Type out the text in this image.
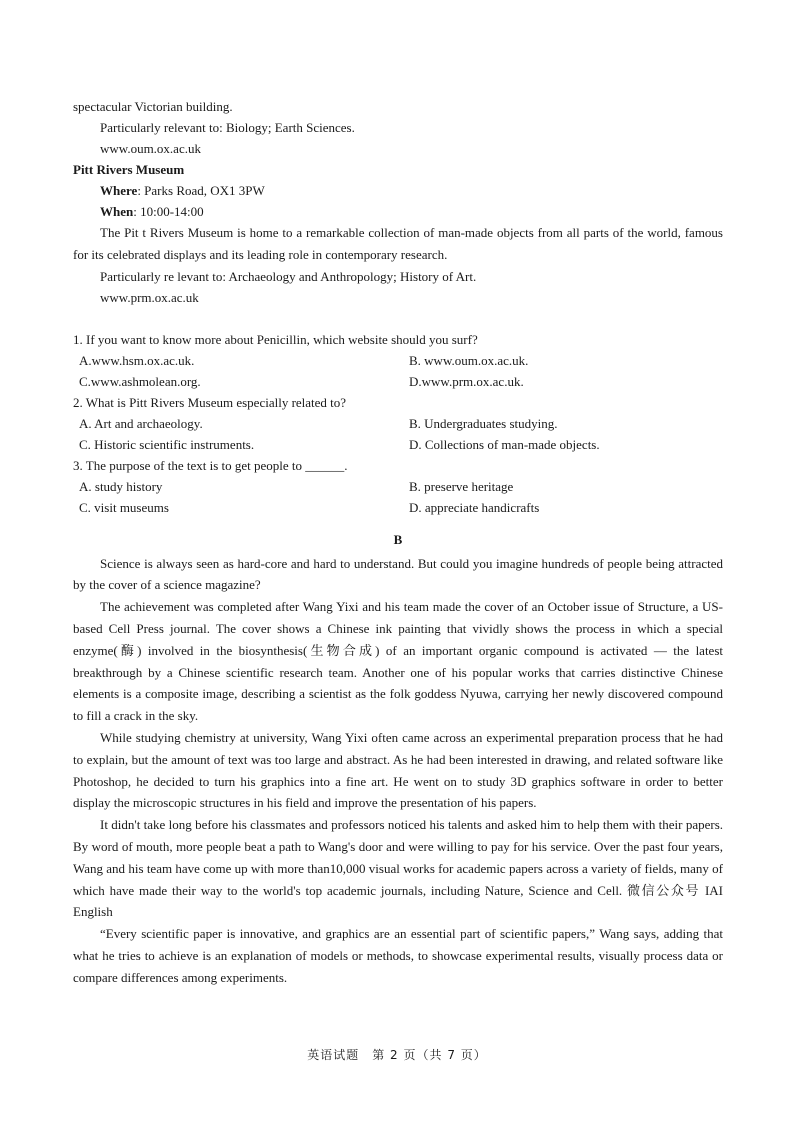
spectacular Victorian building.
Particularly relevant to: Biology; Earth Sciences.
www.oum.ox.ac.uk
Pitt Rivers Museum
Where: Parks Road, OX1 3PW
When: 10:00-14:00
The Pit t Rivers Museum is home to a remarkable collection of man-made objects from all parts of the world, famous for its celebrated displays and its leading role in contemporary research.
Particularly re levant to: Archaeology and Anthropology; History of Art.
www.prm.ox.ac.uk
1. If you want to know more about Penicillin, which website should you surf?
A.www.hsm.ox.ac.uk.	B. www.oum.ox.ac.uk.
C.www.ashmolean.org.	D.www.prm.ox.ac.uk.
2. What is Pitt Rivers Museum especially related to?
A. Art and archaeology.	B. Undergraduates studying.
C. Historic scientific instruments.	D. Collections of man-made objects.
3. The purpose of the text is to get people to ______.
A. study history	B. preserve heritage
C. visit museums	D. appreciate handicrafts
B
Science is always seen as hard-core and hard to understand. But could you imagine hundreds of people being attracted by the cover of a science magazine?
The achievement was completed after Wang Yixi and his team made the cover of an October issue of Structure, a US-based Cell Press journal. The cover shows a Chinese ink painting that vividly shows the process in which a special enzyme(酶) involved in the biosynthesis(生物合成) of an important organic compound is activated — the latest breakthrough by a Chinese scientific research team. Another one of his popular works that carries distinctive Chinese elements is a composite image, describing a scientist as the folk goddess Nyuwa, carrying her newly discovered compound to fill a crack in the sky.
While studying chemistry at university, Wang Yixi often came across an experimental preparation process that he had to explain, but the amount of text was too large and abstract. As he had been interested in drawing, and related software like Photoshop, he decided to turn his graphics into a fine art. He went on to study 3D graphics software in order to better display the microscopic structures in his field and improve the presentation of his papers.
It didn't take long before his classmates and professors noticed his talents and asked him to help them with their papers. By word of mouth, more people beat a path to Wang's door and were willing to pay for his service. Over the past four years, Wang and his team have come up with more than10,000 visual works for academic papers across a variety of fields, many of which have made their way to the world's top academic journals, including Nature, Science and Cell. 微信公众号 IAI English
“Every scientific paper is innovative, and graphics are an essential part of scientific papers,” Wang says, adding that what he tries to achieve is an explanation of models or methods, to showcase experimental results, visually process data or compare differences among experiments.
英语试题　第 2 页（共 7 页）
